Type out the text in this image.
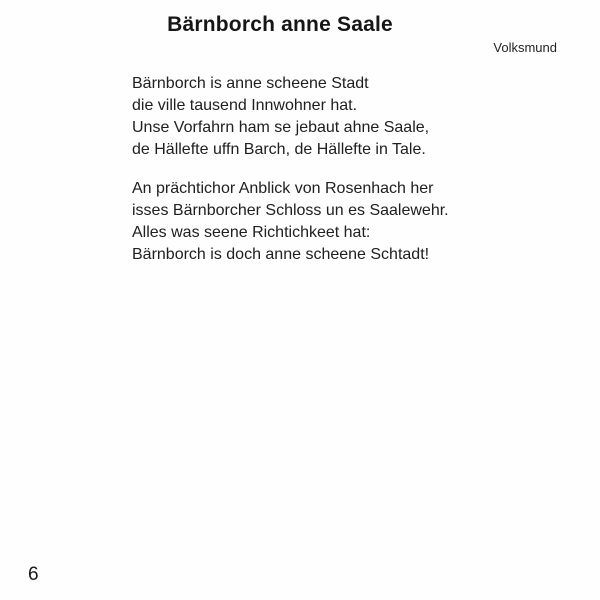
Bärnborch anne Saale
Volksmund
Bärnborch is anne scheene Stadt
die ville tausend Innwohner hat.
Unse Vorfahrn ham se jebaut ahne Saale,
de Hällefte uffn Barch, de Hällefte in Tale.
An prächtichor Anblick von Rosenhach her
isses Bärnborcher Schloss un es Saalewehr.
Alles was seene Richtichkeet hat:
Bärnborch is doch anne scheene Schtadt!
6
